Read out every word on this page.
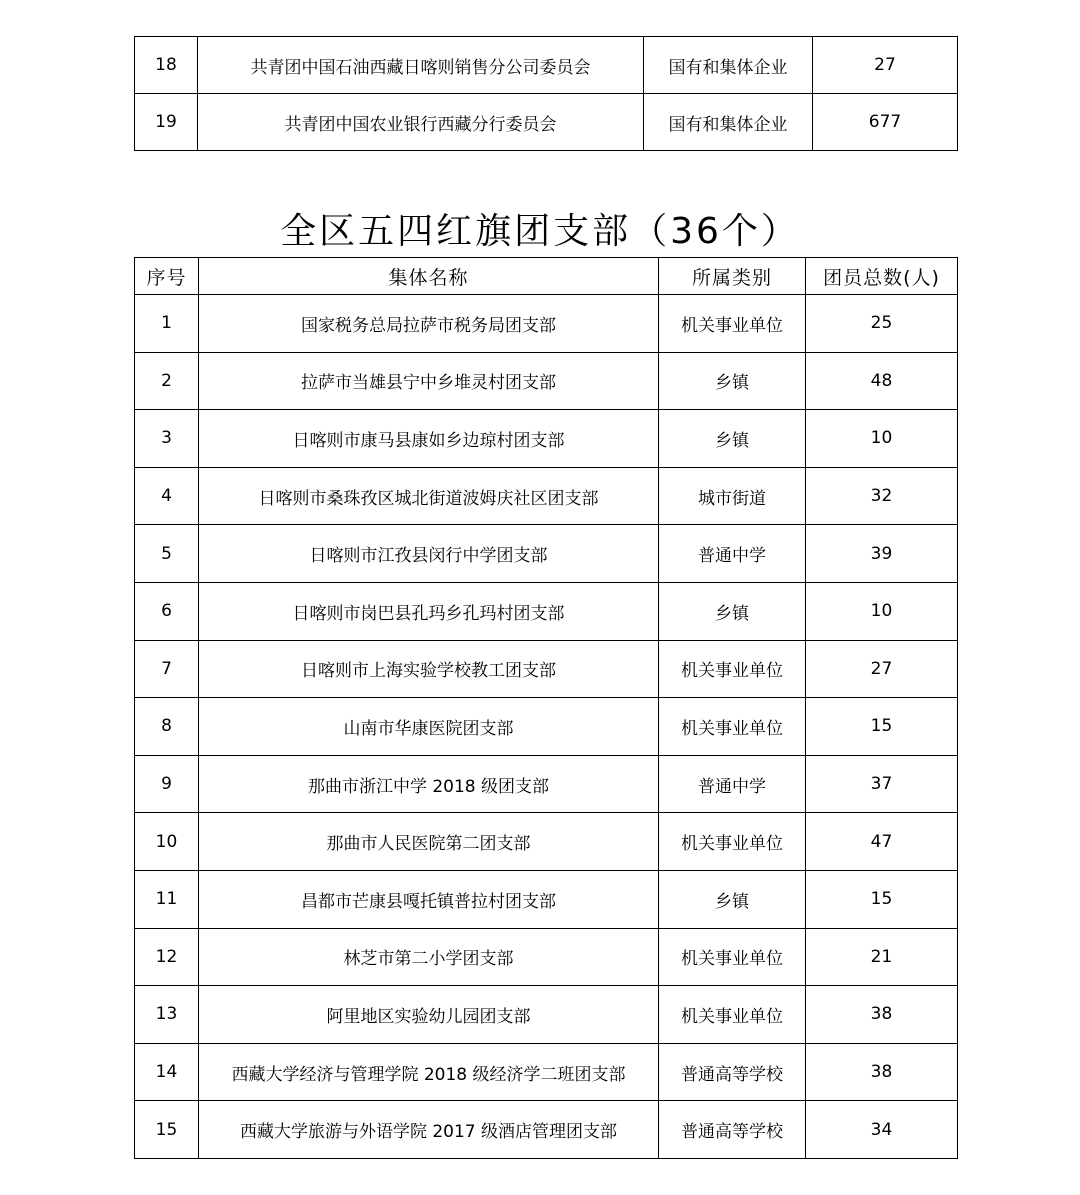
18	共青团中国石油西藏日喀则销售分公司委员会	国有和集体企业	27
19	共青团中国农业银行西藏分行委员会	国有和集体企业	677
全区五四红旗团支部（36个）
序号	集体名称	所属类别	团员总数(人)
1	国家税务总局拉萨市税务局团支部	机关事业单位	25
2	拉萨市当雄县宁中乡堆灵村团支部	乡镇	48
3	日喀则市康马县康如乡边琼村团支部	乡镇	10
4	日喀则市桑珠孜区城北街道波姆庆社区团支部	城市街道	32
5	日喀则市江孜县闵行中学团支部	普通中学	39
6	日喀则市岗巴县孔玛乡孔玛村团支部	乡镇	10
7	日喀则市上海实验学校教工团支部	机关事业单位	27
8	山南市华康医院团支部	机关事业单位	15
9	那曲市浙江中学 2018 级团支部	普通中学	37
10	那曲市人民医院第二团支部	机关事业单位	47
11	昌都市芒康县嘎托镇普拉村团支部	乡镇	15
12	林芝市第二小学团支部	机关事业单位	21
13	阿里地区实验幼儿园团支部	机关事业单位	38
14	西藏大学经济与管理学院 2018 级经济学二班团支部	普通高等学校	38
15	西藏大学旅游与外语学院 2017 级酒店管理团支部	普通高等学校	34
